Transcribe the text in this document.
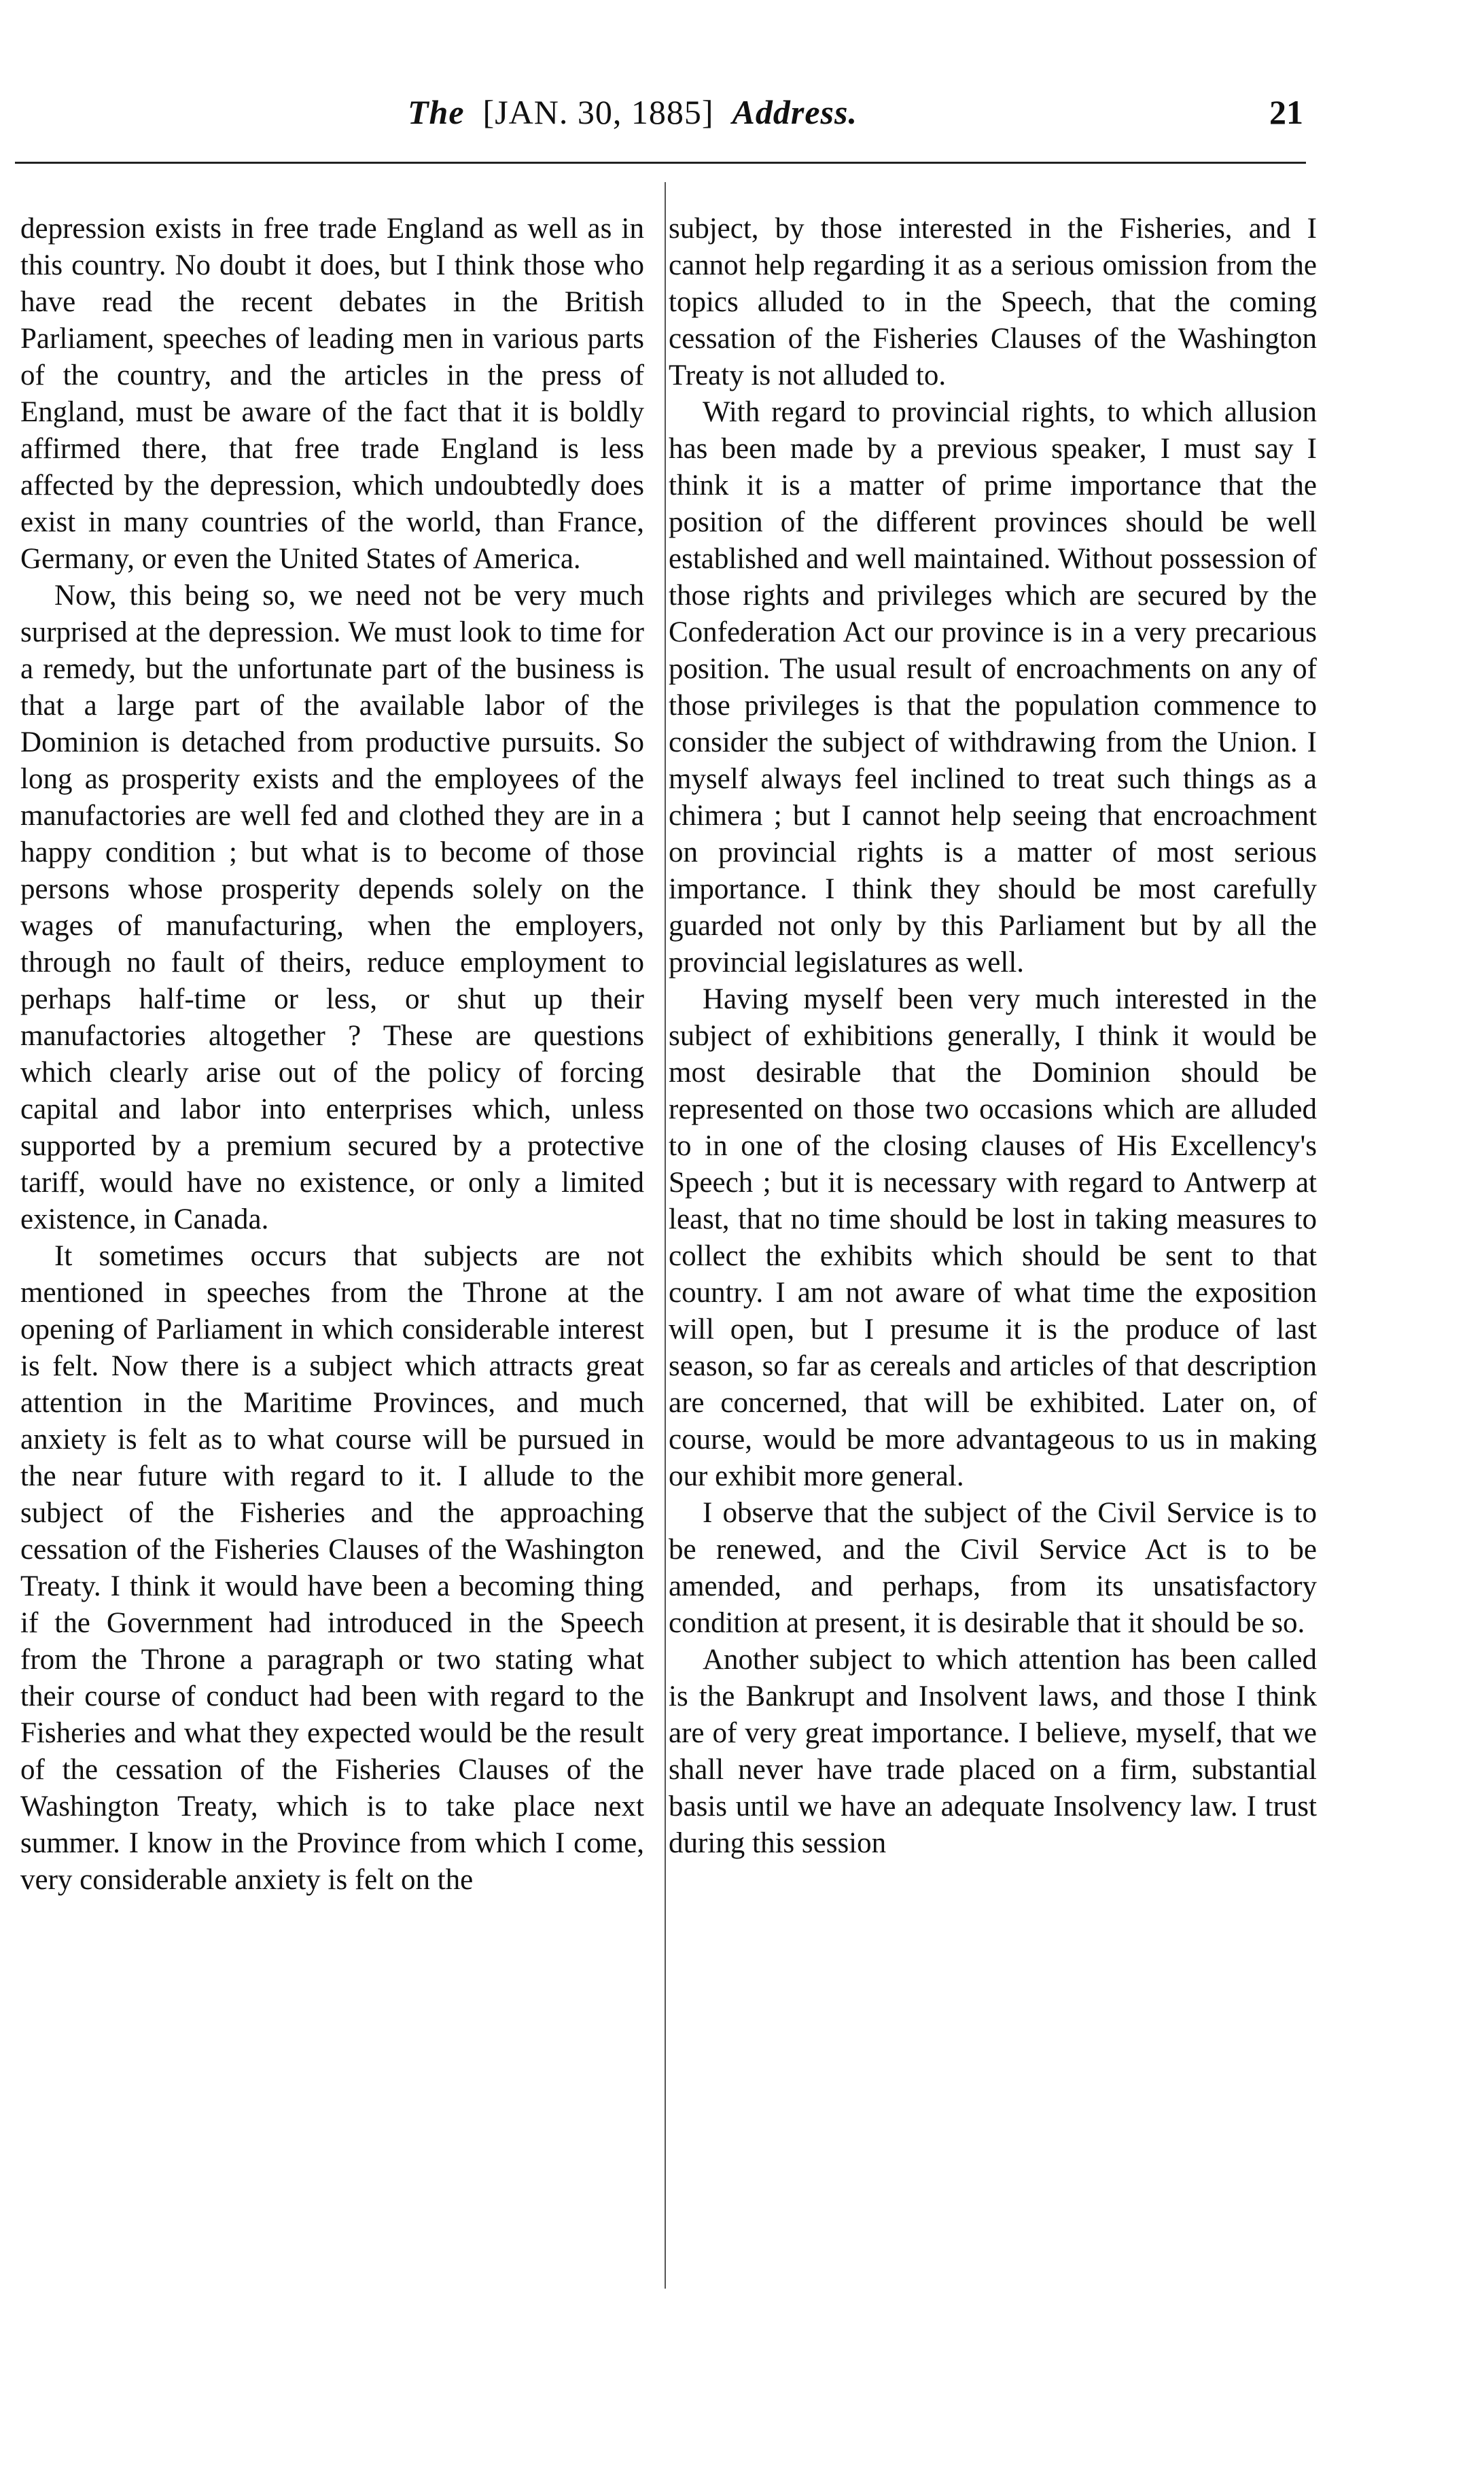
The [JAN. 30, 1885] Address.	21

depression exists in free trade England as well as in this country. No doubt it does, but I think those who have read the recent debates in the British Parliament, speeches of leading men in various parts of the country, and the articles in the press of England, must be aware of the fact that it is boldly affirmed there, that free trade England is less affected by the depression, which undoubtedly does exist in many countries of the world, than France, Germany, or even the United States of America.

Now, this being so, we need not be very much surprised at the depression. We must look to time for a remedy, but the unfortunate part of the business is that a large part of the available labor of the Dominion is detached from productive pursuits. So long as prosperity exists and the employees of the manufactories are well fed and clothed they are in a happy condition ; but what is to become of those persons whose prosperity depends solely on the wages of manufacturing, when the employers, through no fault of theirs, reduce employment to perhaps half-time or less, or shut up their manufactories altogether ? These are questions which clearly arise out of the policy of forcing capital and labor into enterprises which, unless supported by a premium secured by a protective tariff, would have no existence, or only a limited existence, in Canada.

It sometimes occurs that subjects are not mentioned in speeches from the Throne at the opening of Parliament in which considerable interest is felt. Now there is a subject which attracts great attention in the Maritime Provinces, and much anxiety is felt as to what course will be pursued in the near future with regard to it. I allude to the subject of the Fisheries and the approaching cessation of the Fisheries Clauses of the Washington Treaty. I think it would have been a becoming thing if the Government had introduced in the Speech from the Throne a paragraph or two stating what their course of conduct had been with regard to the Fisheries and what they expected would be the result of the cessation of the Fisheries Clauses of the Washington Treaty, which is to take place next summer. I know in the Province from which I come, very considerable anxiety is felt on the

subject, by those interested in the Fisheries, and I cannot help regarding it as a serious omission from the topics alluded to in the Speech, that the coming cessation of the Fisheries Clauses of the Washington Treaty is not alluded to.

With regard to provincial rights, to which allusion has been made by a previous speaker, I must say I think it is a matter of prime importance that the position of the different provinces should be well established and well maintained. Without possession of those rights and privileges which are secured by the Confederation Act our province is in a very precarious position. The usual result of encroachments on any of those privileges is that the population commence to consider the subject of withdrawing from the Union. I myself always feel inclined to treat such things as a chimera ; but I cannot help seeing that encroachment on provincial rights is a matter of most serious importance. I think they should be most carefully guarded not only by this Parliament but by all the provincial legislatures as well.

Having myself been very much interested in the subject of exhibitions generally, I think it would be most desirable that the Dominion should be represented on those two occasions which are alluded to in one of the closing clauses of His Excellency's Speech ; but it is necessary with regard to Antwerp at least, that no time should be lost in taking measures to collect the exhibits which should be sent to that country. I am not aware of what time the exposition will open, but I presume it is the produce of last season, so far as cereals and articles of that description are concerned, that will be exhibited. Later on, of course, would be more advantageous to us in making our exhibit more general.

I observe that the subject of the Civil Service is to be renewed, and the Civil Service Act is to be amended, and perhaps, from its unsatisfactory condition at present, it is desirable that it should be so.

Another subject to which attention has been called is the Bankrupt and Insolvent laws, and those I think are of very great importance. I believe, myself, that we shall never have trade placed on a firm, substantial basis until we have an adequate Insolvency law. I trust during this session
